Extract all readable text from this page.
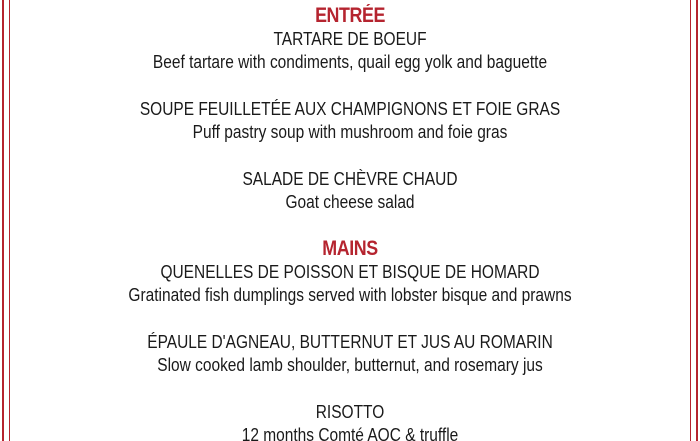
ENTRÉE
TARTARE DE BOEUF
Beef tartare with condiments, quail egg yolk and baguette
SOUPE FEUILLETÉE AUX CHAMPIGNONS ET FOIE GRAS
Puff pastry soup with mushroom and foie gras
SALADE DE CHÈVRE CHAUD
Goat cheese salad
MAINS
QUENELLES DE POISSON ET BISQUE DE HOMARD
Gratinated fish dumplings served with lobster bisque and prawns
ÉPAULE D'AGNEAU, BUTTERNUT ET JUS AU ROMARIN
Slow cooked lamb shoulder, butternut, and rosemary jus
RISOTTO
12 months Comté AOC & truffle
